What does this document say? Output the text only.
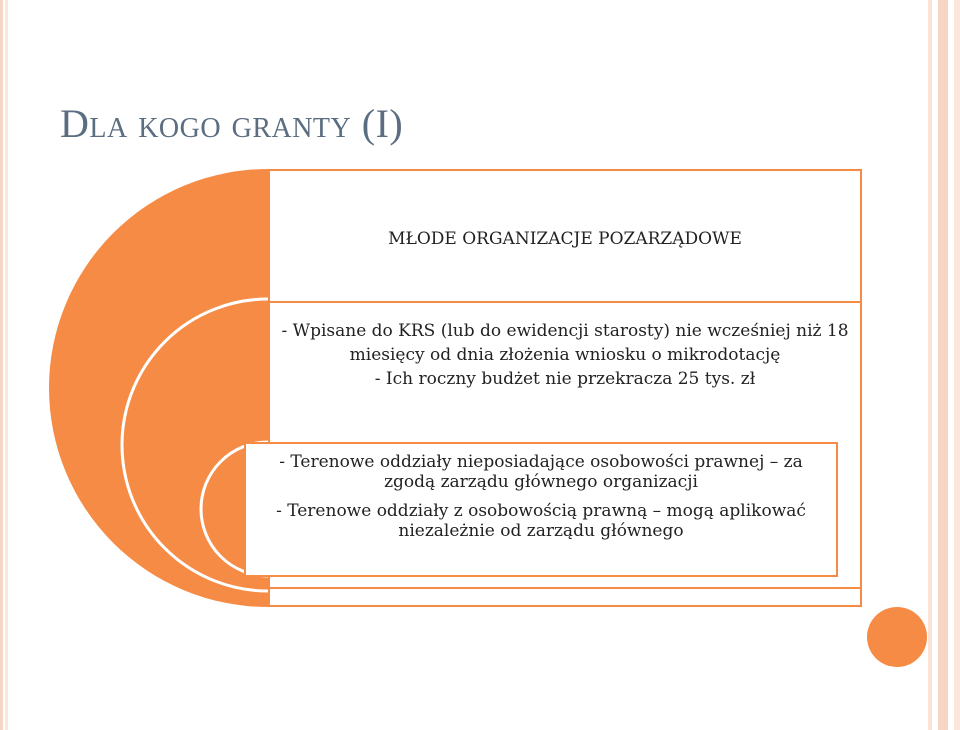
Dla kogo granty (I)
MŁODE ORGANIZACJE POZARZĄDOWE
- Wpisane do KRS (lub do ewidencji starosty) nie wcześniej niż 18 miesięcy od dnia złożenia wniosku o mikrodotację
- Ich roczny budżet nie przekracza 25 tys. zł
- Terenowe oddziały nieposiadające osobowości prawnej – za zgodą zarządu głównego organizacji
- Terenowe oddziały z osobowością prawną – mogą aplikować niezależnie od zarządu głównego
